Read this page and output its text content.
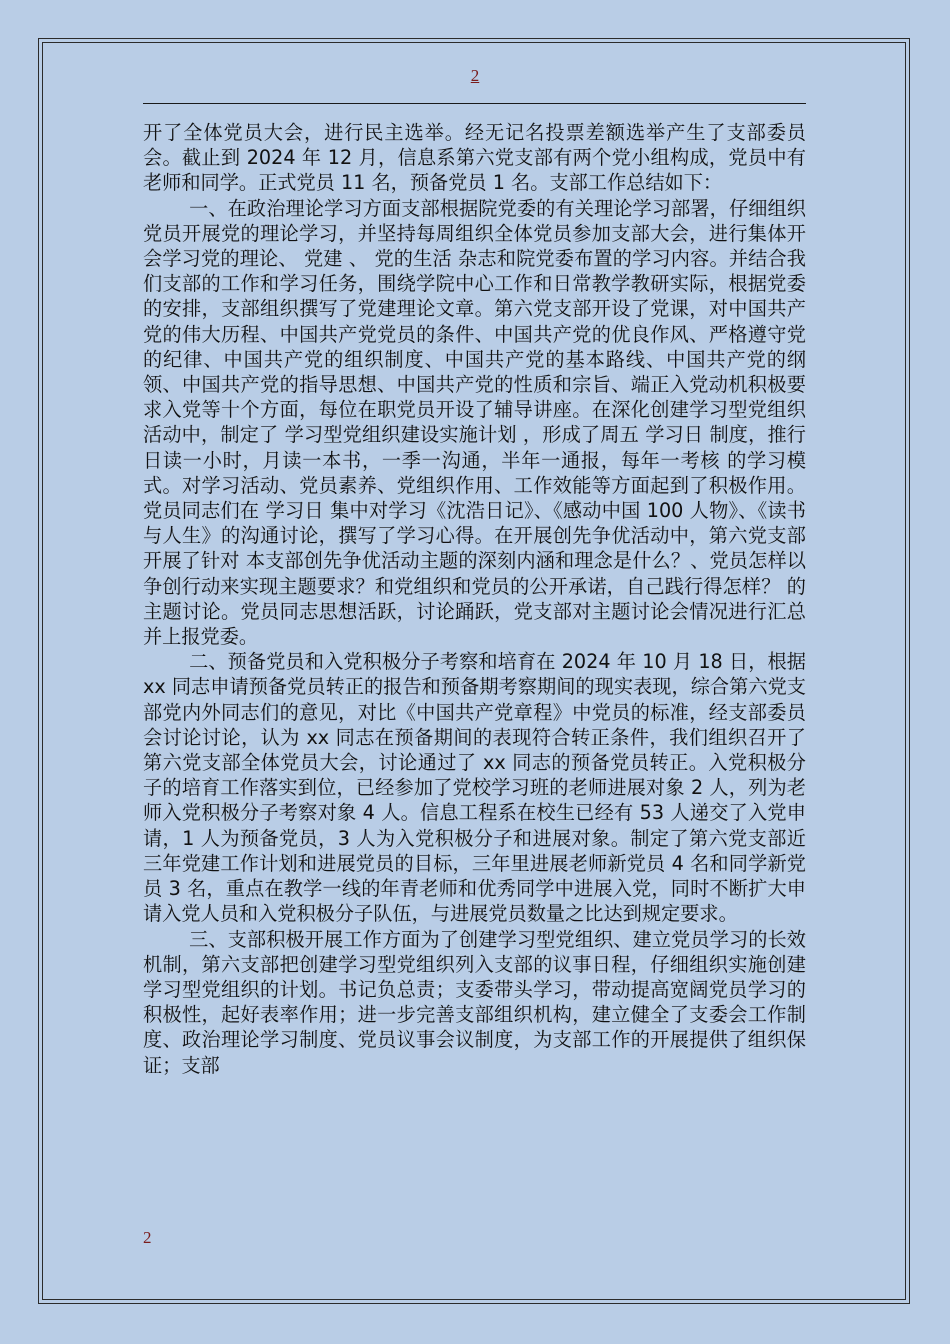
2

开了全体党员大会，进行民主选举。经无记名投票差额选举产生了支部委员会。截止到 2024 年 12 月，信息系第六党支部有两个党小组构成，党员中有老师和同学。正式党员 11 名，预备党员 1 名。支部工作总结如下：

一、在政治理论学习方面支部根据院党委的有关理论学习部署，仔细组织党员开展党的理论学习，并坚持每周组织全体党员参加支部大会，进行集体开会学习党的理论、 党建 、 党的生活 杂志和院党委布置的学习内容。并结合我们支部的工作和学习任务，围绕学院中心工作和日常教学教研实际，根据党委的安排，支部组织撰写了党建理论文章。第六党支部开设了党课，对中国共产党的伟大历程、中国共产党党员的条件、中国共产党的优良作风、严格遵守党的纪律、中国共产党的组织制度、中国共产党的基本路线、中国共产党的纲领、中国共产党的指导思想、中国共产党的性质和宗旨、端正入党动机积极要求入党等十个方面，每位在职党员开设了辅导讲座。在深化创建学习型党组织活动中，制定了 学习型党组织建设实施计划 ，形成了周五 学习日 制度，推行 日读一小时，月读一本书，一季一沟通，半年一通报，每年一考核 的学习模式。对学习活动、党员素养、党组织作用、工作效能等方面起到了积极作用。党员同志们在 学习日 集中对学习《沈浩日记》、《感动中国 100 人物》、《读书与人生》的沟通讨论，撰写了学习心得。在开展创先争优活动中，第六党支部开展了针对 本支部创先争优活动主题的深刻内涵和理念是什么？、党员怎样以争创行动来实现主题要求？和党组织和党员的公开承诺，自己践行得怎样？ 的主题讨论。党员同志思想活跃，讨论踊跃，党支部对主题讨论会情况进行汇总并上报党委。

二、预备党员和入党积极分子考察和培育在 2024 年 10 月 18 日，根据 xx 同志申请预备党员转正的报告和预备期考察期间的现实表现，综合第六党支部党内外同志们的意见，对比《中国共产党章程》中党员的标准，经支部委员会讨论讨论，认为 xx 同志在预备期间的表现符合转正条件，我们组织召开了第六党支部全体党员大会，讨论通过了 xx 同志的预备党员转正。入党积极分子的培育工作落实到位，已经参加了党校学习班的老师进展对象 2 人，列为老师入党积极分子考察对象 4 人。信息工程系在校生已经有 53 人递交了入党申请，1 人为预备党员，3 人为入党积极分子和进展对象。制定了第六党支部近三年党建工作计划和进展党员的目标，三年里进展老师新党员 4 名和同学新党员 3 名，重点在教学一线的年青老师和优秀同学中进展入党，同时不断扩大申请入党人员和入党积极分子队伍，与进展党员数量之比达到规定要求。

三、支部积极开展工作方面为了创建学习型党组织、建立党员学习的长效机制，第六支部把创建学习型党组织列入支部的议事日程，仔细组织实施创建学习型党组织的计划。书记负总责；支委带头学习，带动提高宽阔党员学习的积极性，起好表率作用；进一步完善支部组织机构，建立健全了支委会工作制度、政治理论学习制度、党员议事会议制度，为支部工作的开展提供了组织保证；支部

2
